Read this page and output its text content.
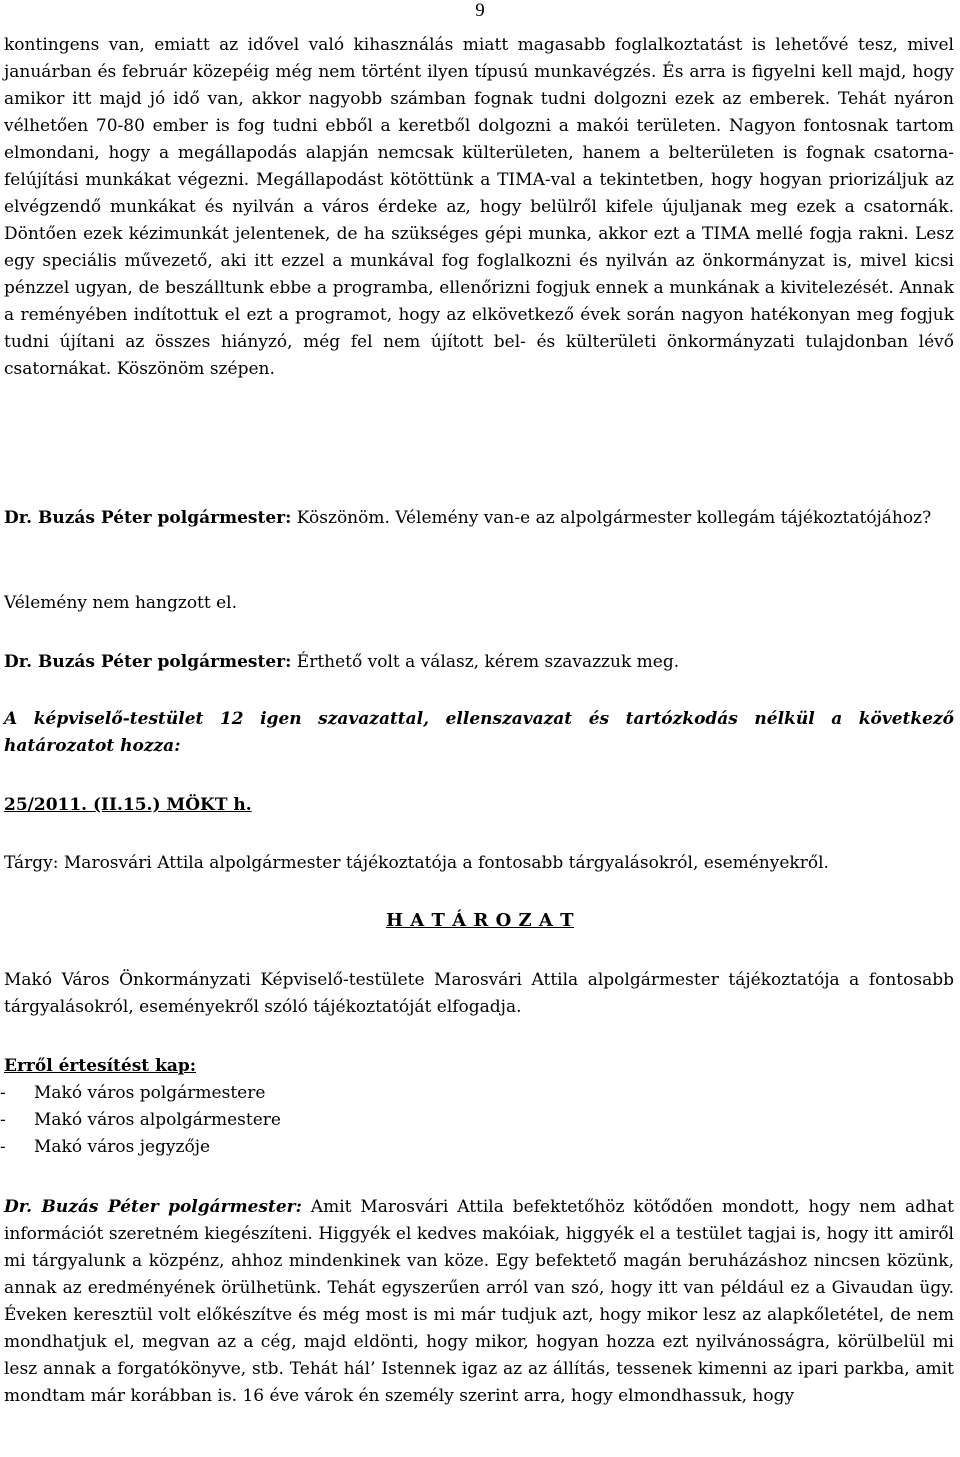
9

kontingens van, emiatt az idővel való kihasználás miatt magasabb foglalkoztatást is lehetővé tesz, mivel januárban és február közepéig még nem történt ilyen típusú munkavégzés. És arra is figyelni kell majd, hogy amikor itt majd jó idő van, akkor nagyobb számban fognak tudni dolgozni ezek az emberek. Tehát nyáron vélhetően 70-80 ember is fog tudni ebből a keretből dolgozni a makói területen. Nagyon fontosnak tartom elmondani, hogy a megállapodás alapján nemcsak külterületen, hanem a belterületen is fognak csatorna-felújítási munkákat végezni. Megállapodást kötöttünk a TIMA-val a tekintetben, hogy hogyan priorizáljuk az elvégzendő munkákat és nyilván a város érdeke az, hogy belülről kifele újuljanak meg ezek a csatornák. Döntően ezek kézimunkát jelentenek, de ha szükséges gépi munka, akkor ezt a TIMA mellé fogja rakni. Lesz egy speciális művezető, aki itt ezzel a munkával fog foglalkozni és nyilván az önkormányzat is, mivel kicsi pénzzel ugyan, de beszálltunk ebbe a programba, ellenőrizni fogjuk ennek a munkának a kivitelezését. Annak a reményében indítottuk el ezt a programot, hogy az elkövetkező évek során nagyon hatékonyan meg fogjuk tudni újítani az összes hiányzó, még fel nem újított bel- és külterületi önkormányzati tulajdonban lévő csatornákat. Köszönöm szépen.

Dr. Buzás Péter polgármester: Köszönöm. Vélemény van-e az alpolgármester kollegám tájékoztatójához?

Vélemény nem hangzott el.

Dr. Buzás Péter polgármester: Érthető volt a válasz, kérem szavazzuk meg.

A képviselő-testület 12 igen szavazattal, ellenszavazat és tartózkodás nélkül a következő határozatot hozza:

25/2011. (II.15.) MÖKT h.

Tárgy: Marosvári Attila alpolgármester tájékoztatója a fontosabb tárgyalásokról, eseményekről.

H A T Á R O Z A T

Makó Város Önkormányzati Képviselő-testülete Marosvári Attila alpolgármester tájékoztatója a fontosabb tárgyalásokról, eseményekről szóló tájékoztatóját elfogadja.

Erről értesítést kap:

- Makó város polgármestere
- Makó város alpolgármestere
- Makó város jegyzője

Dr. Buzás Péter polgármester: Amit Marosvári Attila befektetőhöz kötődően mondott, hogy nem adhat információt szeretném kiegészíteni. Higgyék el kedves makóiak, higgyék el a testület tagjai is, hogy itt amiről mi tárgyalunk a közpénz, ahhoz mindenkinek van köze. Egy befektető magán beruházáshoz nincsen közünk, annak az eredményének örülhetünk. Tehát egyszerűen arról van szó, hogy itt van például ez a Givaudan ügy. Éveken keresztül volt előkészítve és még most is mi már tudjuk azt, hogy mikor lesz az alapkőletétel, de nem mondhatjuk el, megvan az a cég, majd eldönti, hogy mikor, hogyan hozza ezt nyilvánosságra, körülbelül mi lesz annak a forgatókönyve, stb. Tehát hál’ Istennek igaz az az állítás, tessenek kimenni az ipari parkba, amit mondtam már korábban is. 16 éve várok én személy szerint arra, hogy elmondhassuk, hogy
